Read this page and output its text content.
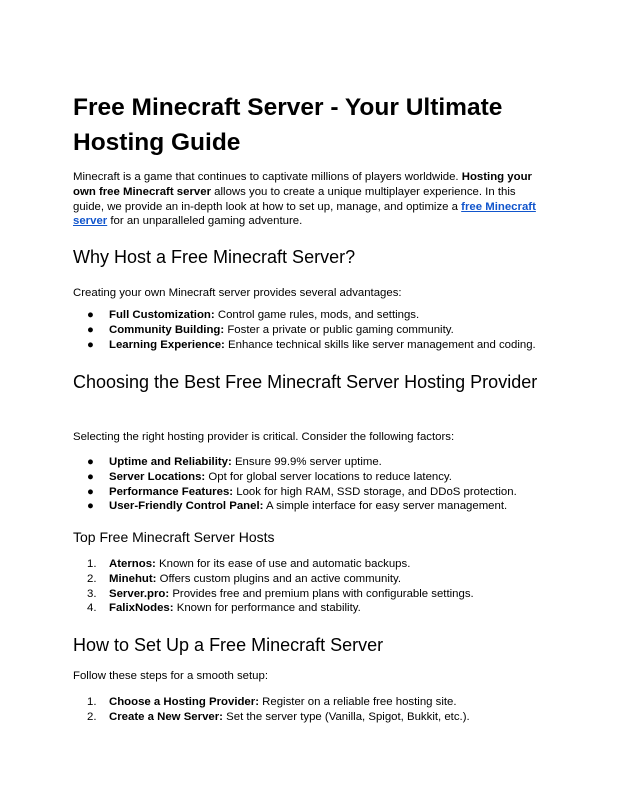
Free Minecraft Server - Your Ultimate Hosting Guide

Minecraft is a game that continues to captivate millions of players worldwide. Hosting your own free Minecraft server allows you to create a unique multiplayer experience. In this guide, we provide an in-depth look at how to set up, manage, and optimize a free Minecraft server for an unparalleled gaming adventure.

Why Host a Free Minecraft Server?

Creating your own Minecraft server provides several advantages:

● Full Customization: Control game rules, mods, and settings.
● Community Building: Foster a private or public gaming community.
● Learning Experience: Enhance technical skills like server management and coding.
Choosing the Best Free Minecraft Server Hosting Provider

Selecting the right hosting provider is critical. Consider the following factors:

● Uptime and Reliability: Ensure 99.9% server uptime.
● Server Locations: Opt for global server locations to reduce latency.
● Performance Features: Look for high RAM, SSD storage, and DDoS protection.
● User-Friendly Control Panel: A simple interface for easy server management.
Top Free Minecraft Server Hosts
1. Aternos: Known for its ease of use and automatic backups.
2. Minehut: Offers custom plugins and an active community.
3. Server.pro: Provides free and premium plans with configurable settings.
4. FalixNodes: Known for performance and stability.
How to Set Up a Free Minecraft Server

Follow these steps for a smooth setup:

1. Choose a Hosting Provider: Register on a reliable free hosting site.
2. Create a New Server: Set the server type (Vanilla, Spigot, Bukkit, etc.).
